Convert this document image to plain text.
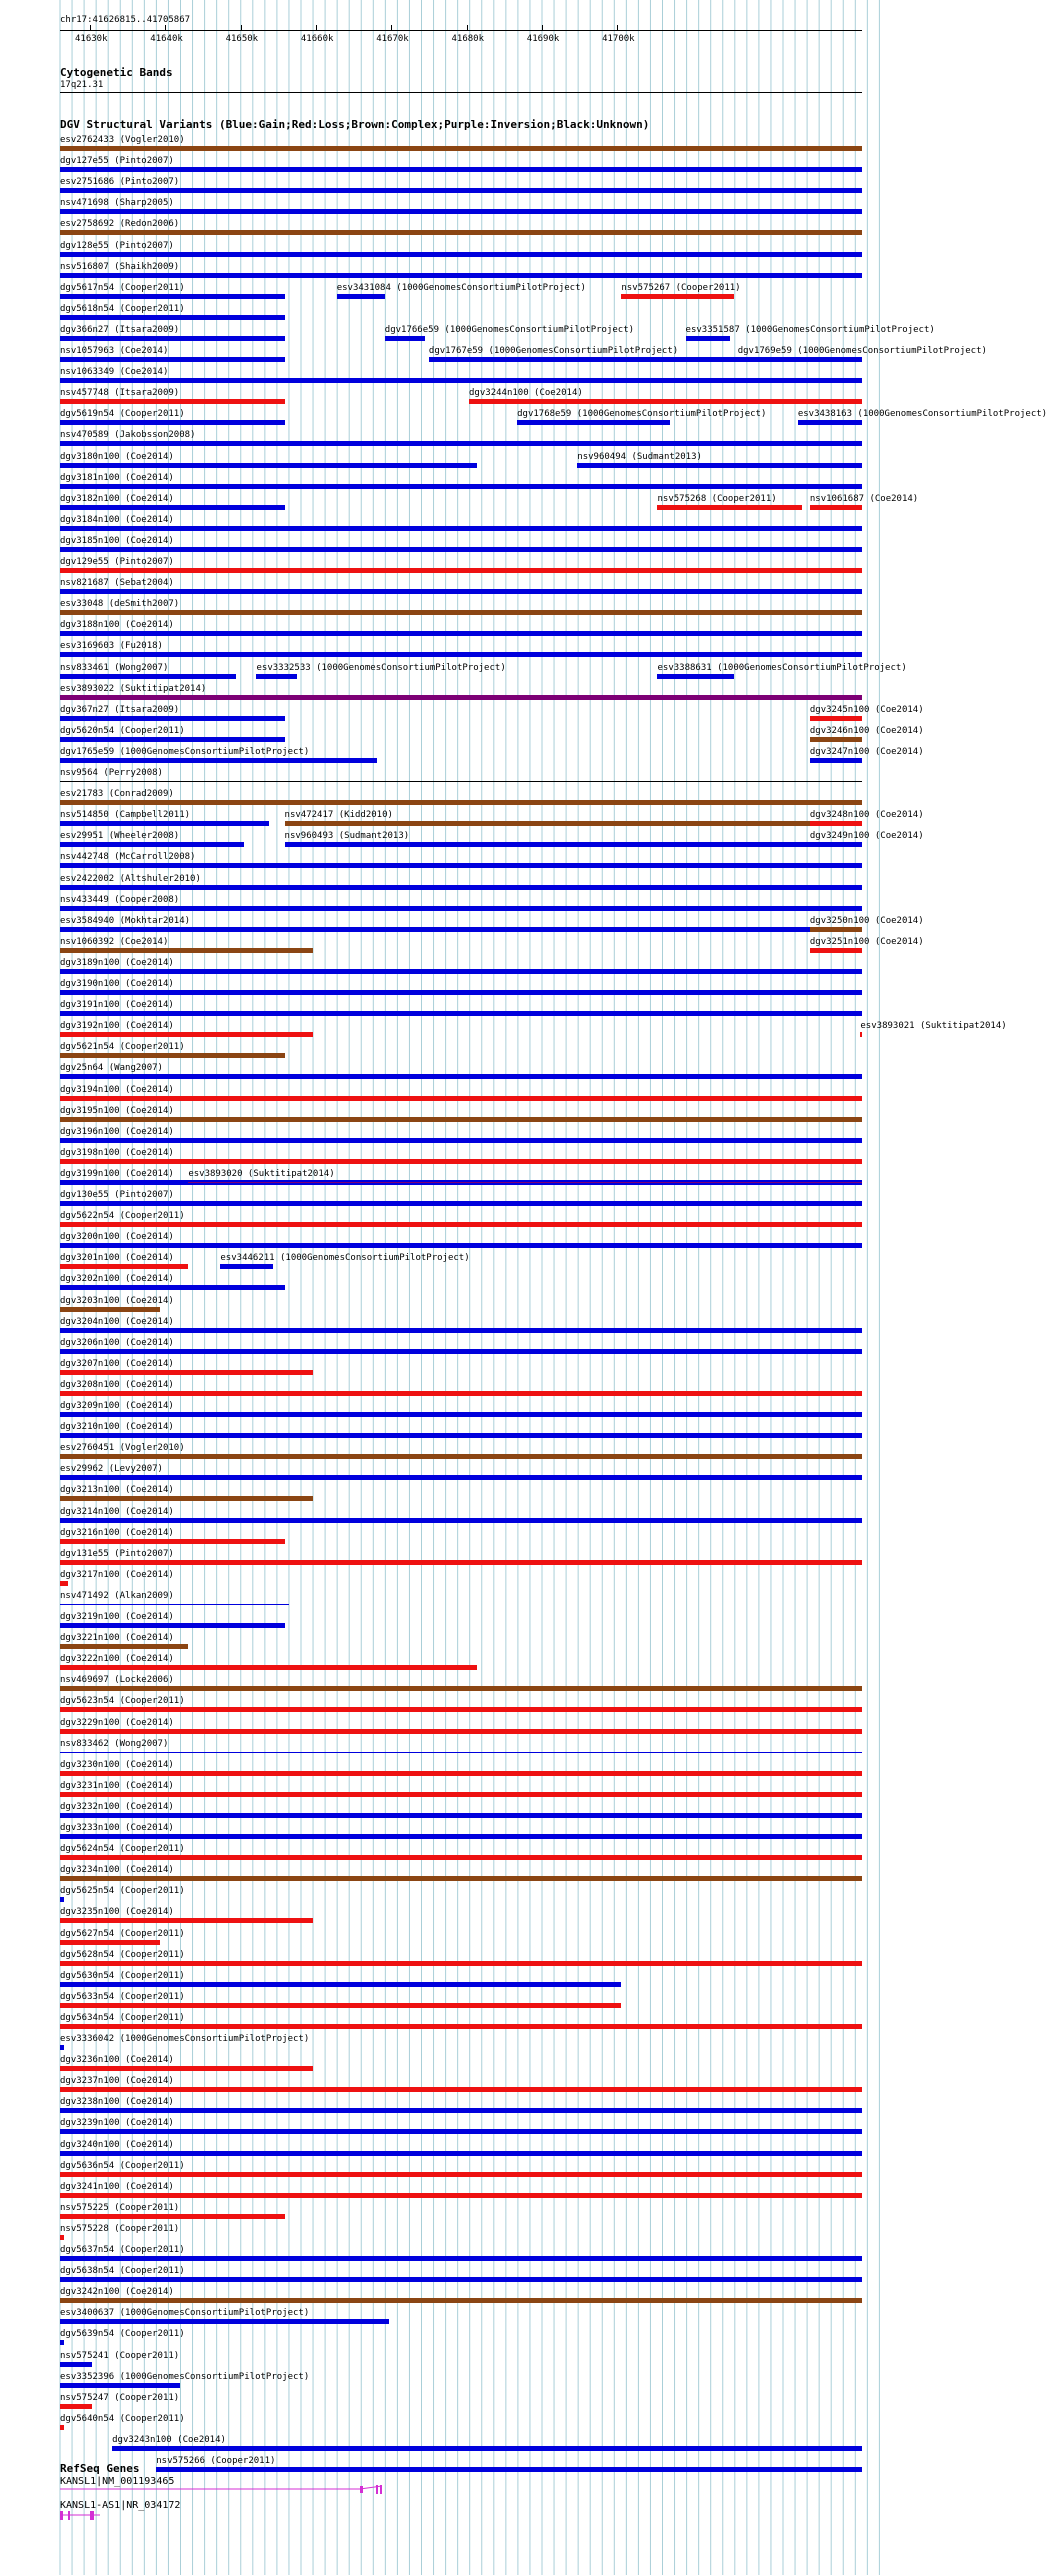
chr17:41626815..41705867
41630k	41640k	41650k	41660k	41670k	41680k	41690k	41700k
Cytogenetic Bands
17q21.31
DGV Structural Variants (Blue:Gain;Red:Loss;Brown:Complex;Purple:Inversion;Black:Unknown)
esv2762433 (Vogler2010)
dgv127e55 (Pinto2007)
esv2751686 (Pinto2007)
nsv471698 (Sharp2005)
esv2758692 (Redon2006)
dgv128e55 (Pinto2007)
nsv516807 (Shaikh2009)
dgv5617n54 (Cooper2011)	esv3431084 (1000GenomesConsortiumPilotProject)	nsv575267 (Cooper2011)
dgv5618n54 (Cooper2011)
dgv366n27 (Itsara2009)	dgv1766e59 (1000GenomesConsortiumPilotProject)	esv3351587 (1000GenomesConsortiumPilotProject)
nsv1057963 (Coe2014)	dgv1767e59 (1000GenomesConsortiumPilotProject)	dgv1769e59 (1000GenomesConsortiumPilotProject)
nsv1063349 (Coe2014)
nsv457748 (Itsara2009)	dgv3244n100 (Coe2014)
dgv5619n54 (Cooper2011)	dgv1768e59 (1000GenomesConsortiumPilotProject)	esv3438163 (1000GenomesConsortiumPilotProject)
nsv470589 (Jakobsson2008)
dgv3180n100 (Coe2014)	nsv960494 (Sudmant2013)
dgv3181n100 (Coe2014)
dgv3182n100 (Coe2014)	nsv575268 (Cooper2011)	nsv1061687 (Coe2014)
dgv3184n100 (Coe2014)
dgv3185n100 (Coe2014)
dgv129e55 (Pinto2007)
nsv821687 (Sebat2004)
esv33048 (deSmith2007)
dgv3188n100 (Coe2014)
esv3169603 (Fu2018)
nsv833461 (Wong2007)	esv3332533 (1000GenomesConsortiumPilotProject)	esv3388631 (1000GenomesConsortiumPilotProject)
esv3893022 (Suktitipat2014)
dgv367n27 (Itsara2009)	dgv3245n100 (Coe2014)
dgv5620n54 (Cooper2011)	dgv3246n100 (Coe2014)
dgv1765e59 (1000GenomesConsortiumPilotProject)	dgv3247n100 (Coe2014)
nsv9564 (Perry2008)
esv21783 (Conrad2009)
nsv514850 (Campbell2011)	nsv472417 (Kidd2010)	dgv3248n100 (Coe2014)
esv29951 (Wheeler2008)	nsv960493 (Sudmant2013)	dgv3249n100 (Coe2014)
nsv442748 (McCarroll2008)
esv2422002 (Altshuler2010)
nsv433449 (Cooper2008)
esv3584940 (Mokhtar2014)	dgv3250n100 (Coe2014)
nsv1060392 (Coe2014)	dgv3251n100 (Coe2014)
dgv3189n100 (Coe2014)
dgv3190n100 (Coe2014)
dgv3191n100 (Coe2014)
dgv3192n100 (Coe2014)	esv3893021 (Suktitipat2014)
dgv5621n54 (Cooper2011)
dgv25n64 (Wang2007)
dgv3194n100 (Coe2014)
dgv3195n100 (Coe2014)
dgv3196n100 (Coe2014)
dgv3198n100 (Coe2014)
dgv3199n100 (Coe2014) esv3893020 (Suktitipat2014)
dgv130e55 (Pinto2007)
dgv5622n54 (Cooper2011)
dgv3200n100 (Coe2014)
dgv3201n100 (Coe2014)	esv3446211 (1000GenomesConsortiumPilotProject)
dgv3202n100 (Coe2014)
dgv3203n100 (Coe2014)
dgv3204n100 (Coe2014)
dgv3206n100 (Coe2014)
dgv3207n100 (Coe2014)
dgv3208n100 (Coe2014)
dgv3209n100 (Coe2014)
dgv3210n100 (Coe2014)
esv2760451 (Vogler2010)
esv29962 (Levy2007)
dgv3213n100 (Coe2014)
dgv3214n100 (Coe2014)
dgv3216n100 (Coe2014)
dgv131e55 (Pinto2007)
dgv3217n100 (Coe2014)
nsv471492 (Alkan2009)
dgv3219n100 (Coe2014)
dgv3221n100 (Coe2014)
dgv3222n100 (Coe2014)
nsv469697 (Locke2006)
dgv5623n54 (Cooper2011)
dgv3229n100 (Coe2014)
nsv833462 (Wong2007)
dgv3230n100 (Coe2014)
dgv3231n100 (Coe2014)
dgv3232n100 (Coe2014)
dgv3233n100 (Coe2014)
dgv5624n54 (Cooper2011)
dgv3234n100 (Coe2014)
dgv5625n54 (Cooper2011)
dgv3235n100 (Coe2014)
dgv5627n54 (Cooper2011)
dgv5628n54 (Cooper2011)
dgv5630n54 (Cooper2011)
dgv5633n54 (Cooper2011)
dgv5634n54 (Cooper2011)
esv3336042 (1000GenomesConsortiumPilotProject)
dgv3236n100 (Coe2014)
dgv3237n100 (Coe2014)
dgv3238n100 (Coe2014)
dgv3239n100 (Coe2014)
dgv3240n100 (Coe2014)
dgv5636n54 (Cooper2011)
dgv3241n100 (Coe2014)
nsv575225 (Cooper2011)
nsv575228 (Cooper2011)
dgv5637n54 (Cooper2011)
dgv5638n54 (Cooper2011)
dgv3242n100 (Coe2014)
esv3400637 (1000GenomesConsortiumPilotProject)
dgv5639n54 (Cooper2011)
nsv575241 (Cooper2011)
esv3352396 (1000GenomesConsortiumPilotProject)
nsv575247 (Cooper2011)
dgv5640n54 (Cooper2011)
dgv3243n100 (Coe2014)
nsv575266 (Cooper2011)
RefSeq Genes
KANSL1|NM_001193465
KANSL1-AS1|NR_034172
